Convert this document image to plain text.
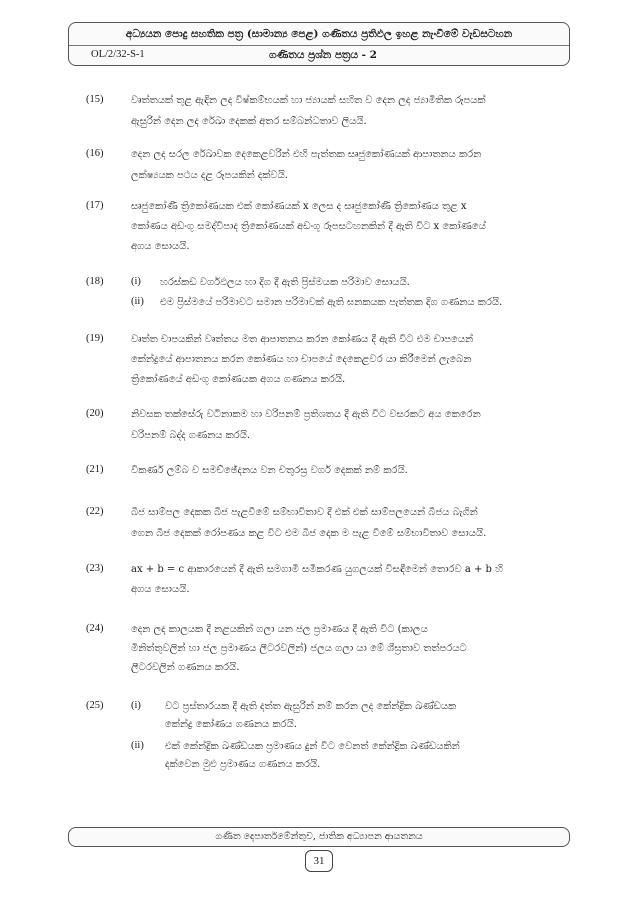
අධ්‍යයන පොදු සහතික පත්‍ර (සාමාන්‍ය පෙළ) ගණිතය ප්‍රතිඵල ඉහළ නැංවීමේ වැඩසටහන
OL/2/32-S-1	ගණිතය ප්‍රශ්න පත්‍රය - 2
(15)	වෘත්තයක් තුළ ඇඳින ලද විෂ්කම්භයක් හා ජ්‍යායක් සහිත ව දෙන ලද ජ්‍යාමිතික රූපයක්
ඇසුරින් දෙන ලද රේඛා දෙකක් අතර සම්බන්ධතාව ලියයි.
(16)	දෙන ලද සරල රේඛාවක දෙකෙළවරින් එහි පැත්තක සෘජුකෝණයක් ආපාතනය කරන
ලක්ෂ්‍යයක පථය දළ රූපයකින් දක්වයි.
(17)	සෘජුකෝණී ත්‍රිකෝණයක එක් කෝණයක් x ලෙස ද සෘජුකෝණී ත්‍රිකෝණය තුළ x
කෝණය අඩංගු සමද්විපාද ත්‍රිකෝණයක් අඩංගු රූපසටහනකින් දී ඇති විට x කෝණයේ
අගය සොයයි.
(18)	(i) හරස්කඩ වර්ගඵලය හා දිග දී ඇති ප්‍රිස්මයක පරිමාව සොයයි.
(ii) එම ප්‍රිස්මයේ පරිමාවට සමාන පරිමාවක් ඇති ඝනකයක පැත්තක දිග ගණනය කරයි.
(19)	වෘත්ත චාපයකින් වෘත්තය මත ආපාතනය කරන කෝණය දී ඇති විට එම චාපයෙන්
කේන්ද්‍රයේ ආපාතනය කරන කෝණය හා චාපයේ දෙකෙළවර යා කිරීමෙන් ලැබෙන
ත්‍රිකෝණයේ අඩංගු කෝණයක අගය ගණනය කරයි.
(20)	නිවසක තක්සේරු වටිනාකම හා වරිපනම් ප්‍රතිශතය දී ඇති විට වසරකට අය කෙරෙන
වරිපනම් බද්ද ගණනය කරයි.
(21)	විකර්ණ ලම්බ ව සමච්ඡේදනය වන චතුරස්‍ර වර්ග දෙකක් නම් කරයි.
(22)	බීජ සාම්පල දෙකක බීජ පැළවීමේ සම්භාවිතාව දී එක් එක් සාම්පලයෙන් බීජය බැගින්
ගෙන බීජ දෙකක් රෝපණය කළ විට එම බීජ දෙක ම පැළ වීමේ සම්භාවිතාව සොයයි.
(23)	ax + b = c ආකාරයෙන් දී ඇති සමගාමී සමීකරණ යුගලයක් විසඳීමෙන් තොරව a + b හි
අගය සොයයි.
(24)	දෙන ලද කාලයක දී නළයකින් ගලා යන ජල ප්‍රමාණය දී ඇති විට (කාලය
මිනිත්තුවලින් හා ජල ප්‍රමාණය ලීටරවලින්) ජලය ගලා යා මේ ශීඝ්‍රතාව තත්පරයට
ලීටරවලින් ගණනය කරයි.
(25)	(i) වට ප්‍රස්තාරයක දී ඇති දත්ත ඇසුරින් නම් කරන ලද කේන්ද්‍රික ඛණ්ඩයක
කේන්ද්‍ර කෝණය ගණනය කරයි.
(ii) එක් කේන්ද්‍රික ඛණ්ඩයක ප්‍රමාණය දුන් විට වෙනත් කේන්ද්‍රික ඛණ්ඩයකින්
දක්වෙන මුළු ප්‍රමාණය ගණනය කරයි.
ගණිත දෙපාර්තමේන්තුව, ජාතික අධ්‍යාපන ආයතනය
31
